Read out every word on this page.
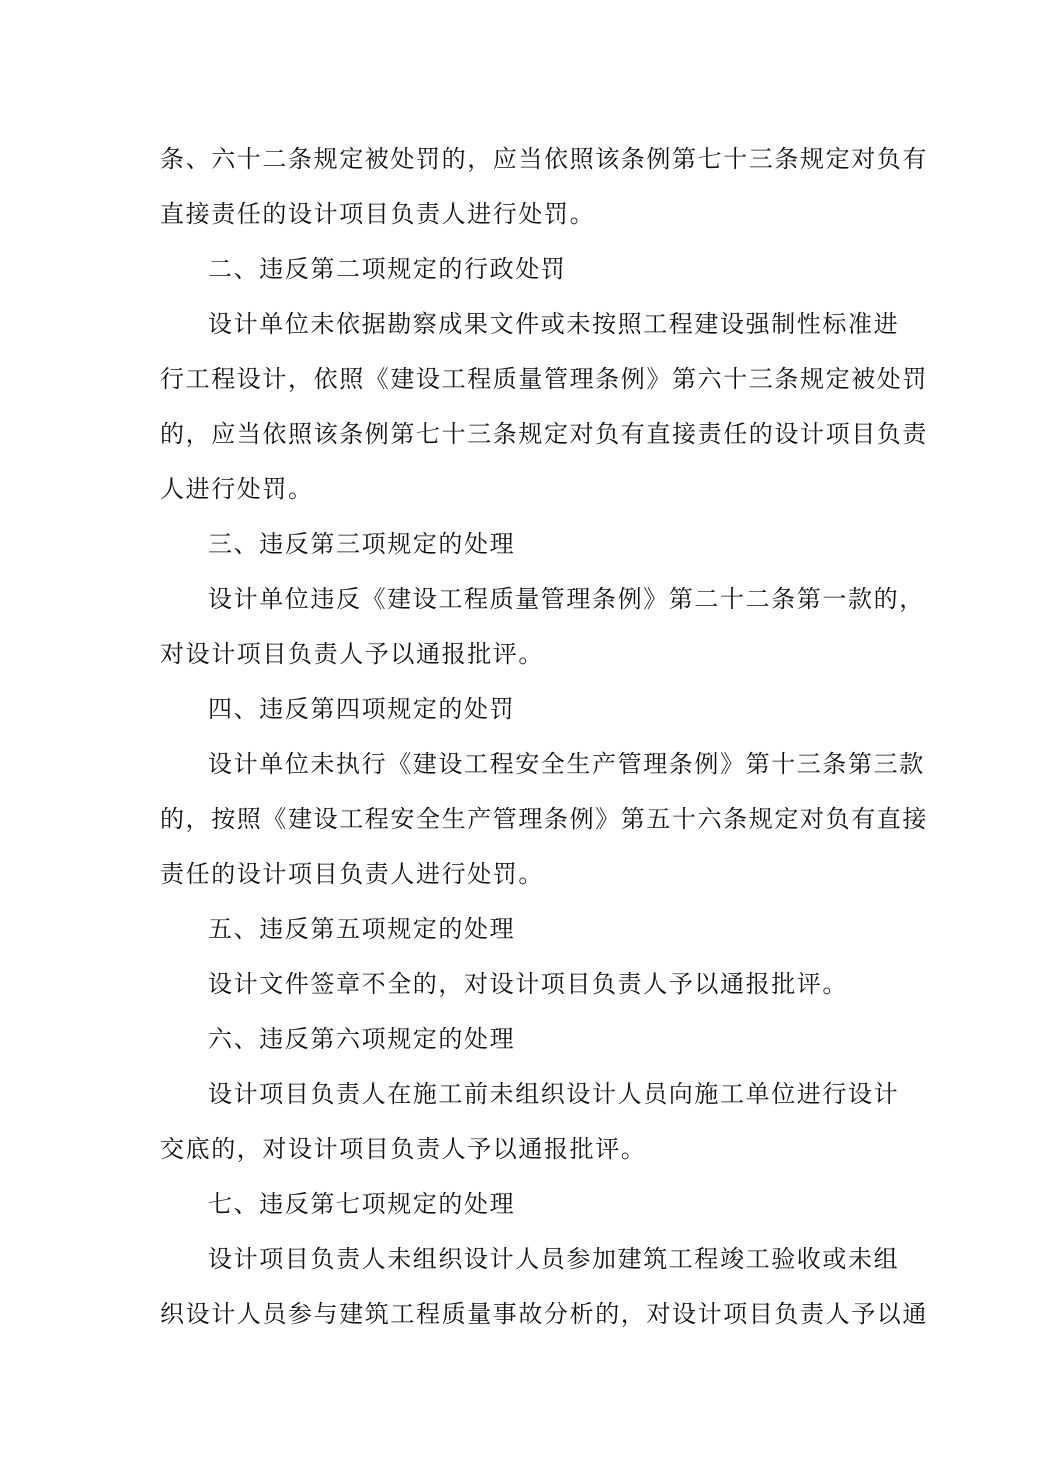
条、六十二条规定被处罚的，应当依照该条例第七十三条规定对负有
直接责任的设计项目负责人进行处罚。
二、违反第二项规定的行政处罚
设计单位未依据勘察成果文件或未按照工程建设强制性标准进
行工程设计，依照《建设工程质量管理条例》第六十三条规定被处罚
的，应当依照该条例第七十三条规定对负有直接责任的设计项目负责
人进行处罚。
三、违反第三项规定的处理
设计单位违反《建设工程质量管理条例》第二十二条第一款的，
对设计项目负责人予以通报批评。
四、违反第四项规定的处罚
设计单位未执行《建设工程安全生产管理条例》第十三条第三款
的，按照《建设工程安全生产管理条例》第五十六条规定对负有直接
责任的设计项目负责人进行处罚。
五、违反第五项规定的处理
设计文件签章不全的，对设计项目负责人予以通报批评。
六、违反第六项规定的处理
设计项目负责人在施工前未组织设计人员向施工单位进行设计
交底的，对设计项目负责人予以通报批评。
七、违反第七项规定的处理
设计项目负责人未组织设计人员参加建筑工程竣工验收或未组
织设计人员参与建筑工程质量事故分析的，对设计项目负责人予以通
